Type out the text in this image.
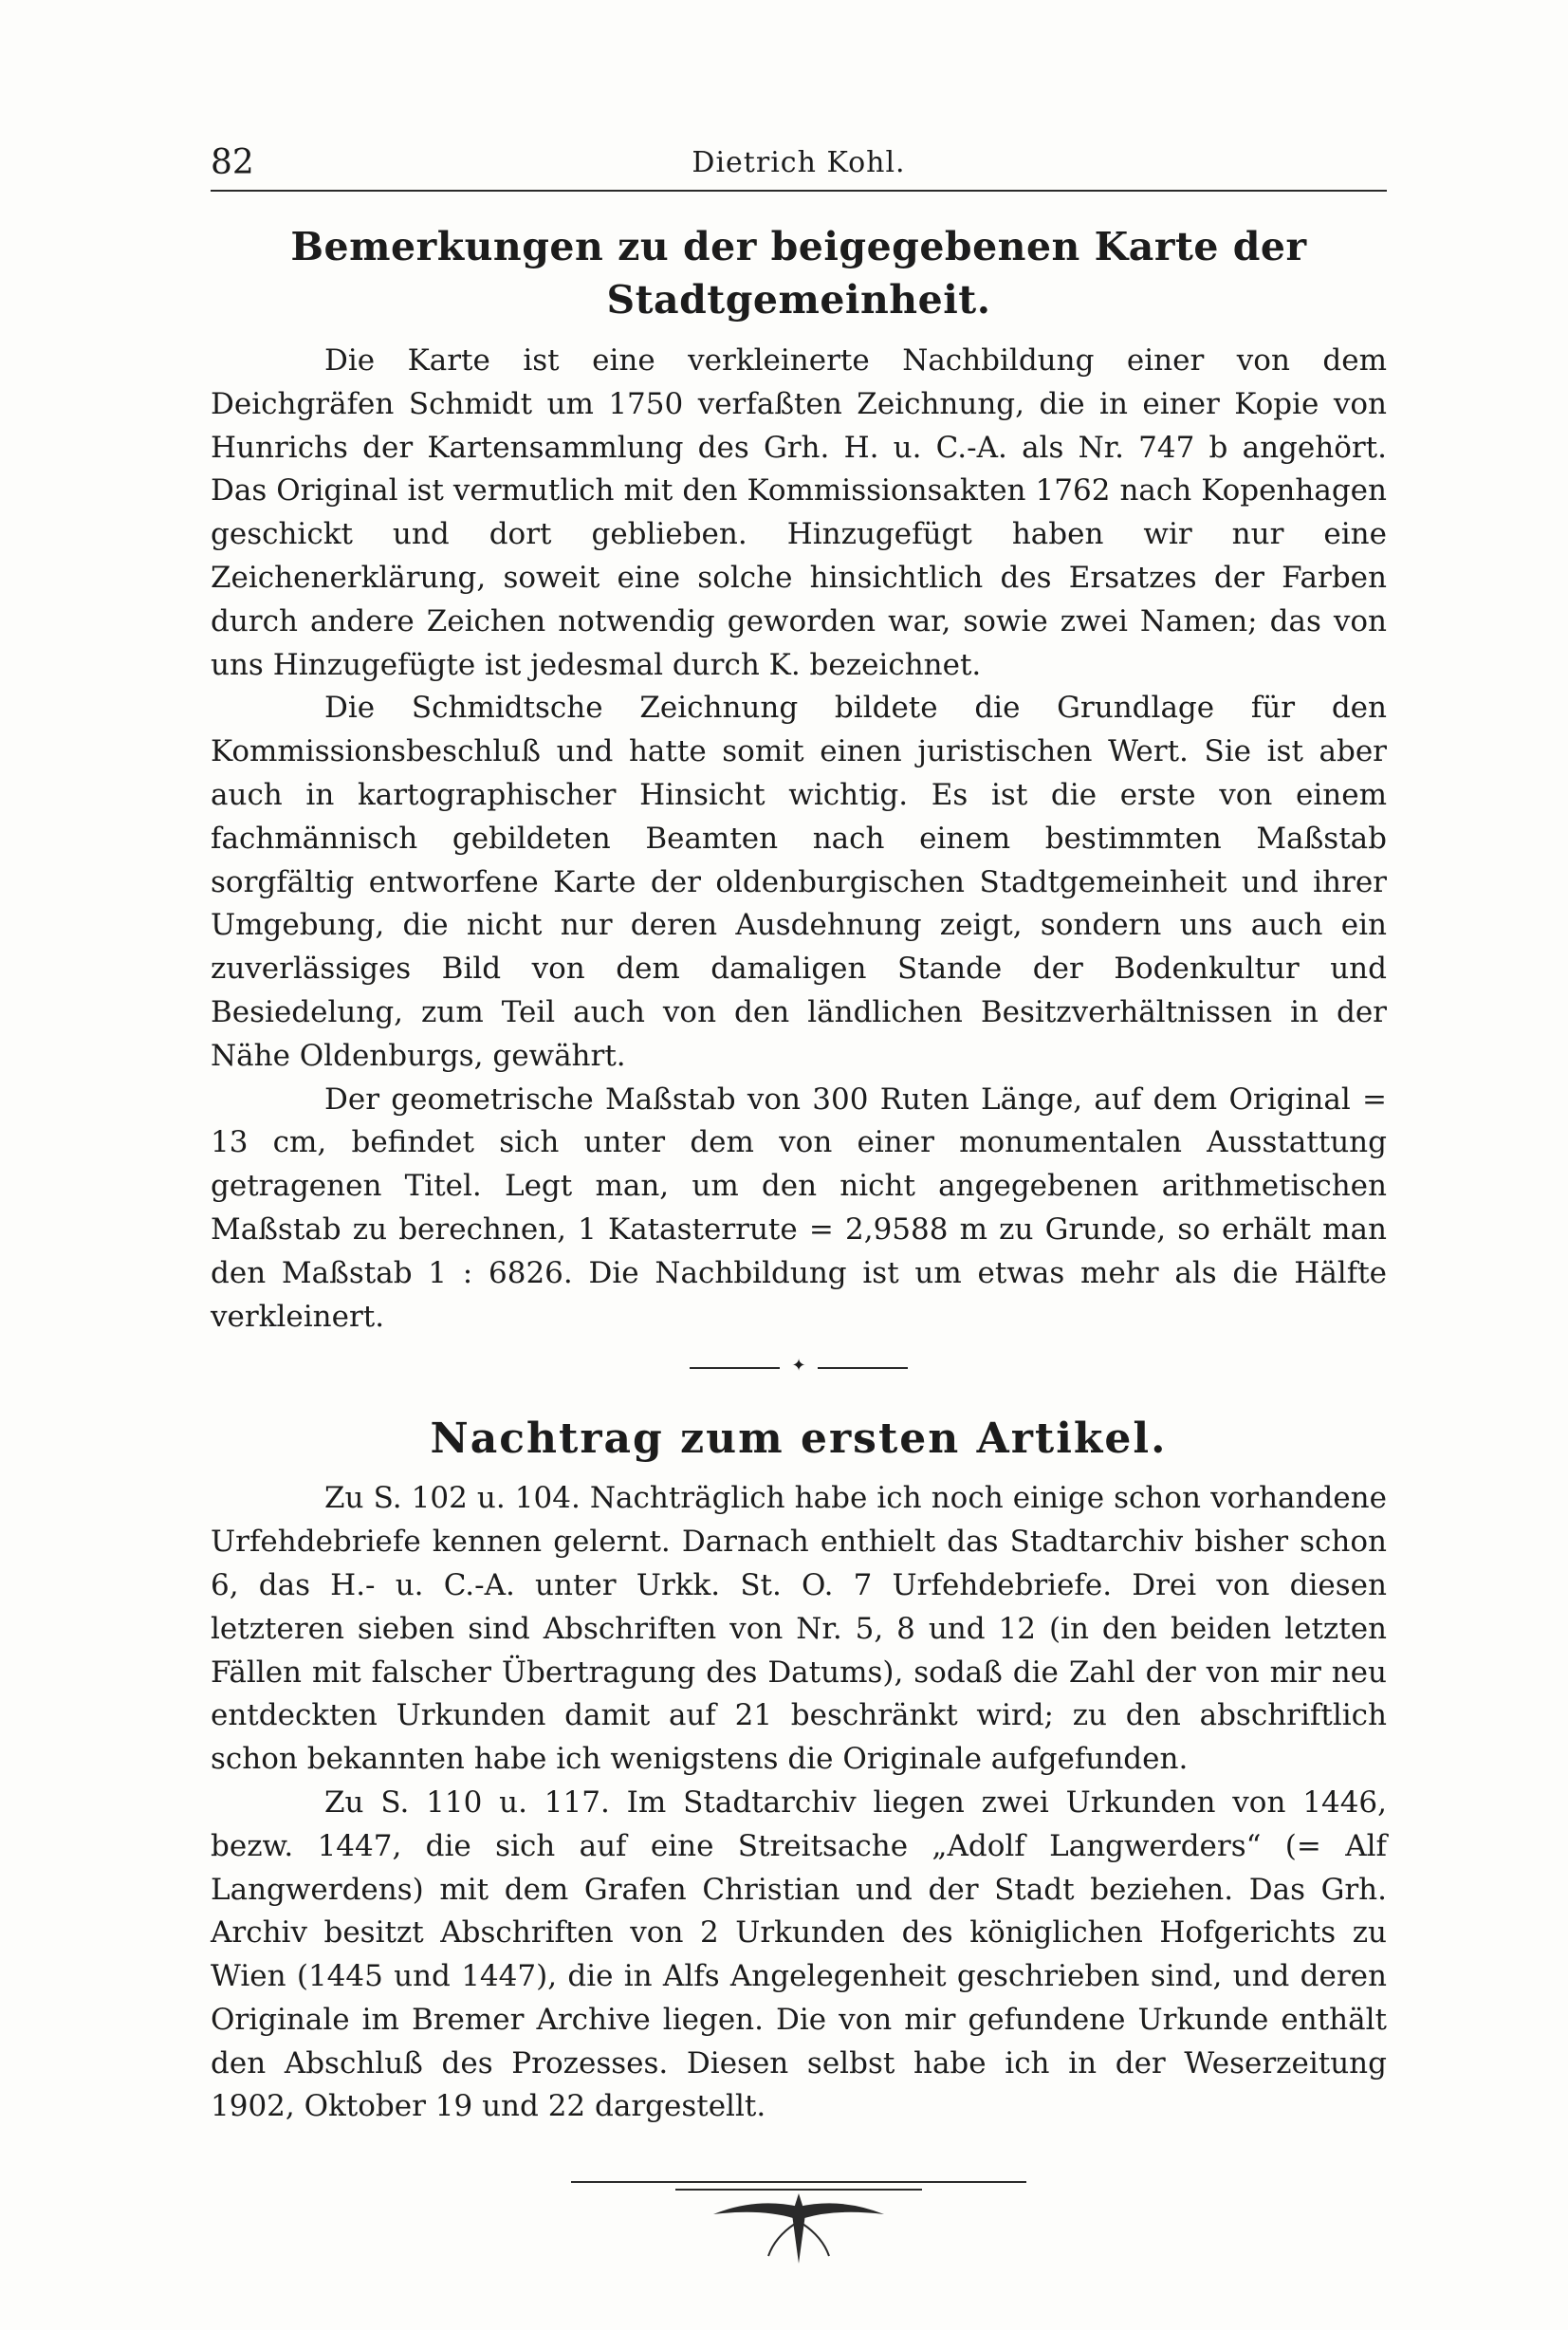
82	Dietrich Kohl.
Bemerkungen zu der beigegebenen Karte der Stadtgemeinheit.

Die Karte ist eine verkleinerte Nachbildung einer von dem Deichgräfen Schmidt um 1750 verfaßten Zeichnung, die in einer Kopie von Hunrichs der Kartensammlung des Grh. H. u. C.-A. als Nr. 747 b angehört. Das Original ist vermutlich mit den Kommissionsakten 1762 nach Kopenhagen geschickt und dort geblieben. Hinzugefügt haben wir nur eine Zeichenerklärung, soweit eine solche hinsichtlich des Ersatzes der Farben durch andere Zeichen notwendig geworden war, sowie zwei Namen; das von uns Hinzugefügte ist jedesmal durch K. bezeichnet.

Die Schmidtsche Zeichnung bildete die Grundlage für den Kommissionsbeschluß und hatte somit einen juristischen Wert. Sie ist aber auch in kartographischer Hinsicht wichtig. Es ist die erste von einem fachmännisch gebildeten Beamten nach einem bestimmten Maßstab sorgfältig entworfene Karte der oldenburgischen Stadtgemeinheit und ihrer Umgebung, die nicht nur deren Ausdehnung zeigt, sondern uns auch ein zuverlässiges Bild von dem damaligen Stande der Bodenkultur und Besiedelung, zum Teil auch von den ländlichen Besitzverhältnissen in der Nähe Oldenburgs, gewährt.

Der geometrische Maßstab von 300 Ruten Länge, auf dem Original = 13 cm, befindet sich unter dem von einer monumentalen Ausstattung getragenen Titel. Legt man, um den nicht angegebenen arithmetischen Maßstab zu berechnen, 1 Katasterrute = 2,9588 m zu Grunde, so erhält man den Maßstab 1 : 6826. Die Nachbildung ist um etwas mehr als die Hälfte verkleinert.

✦
Nachtrag zum ersten Artikel.

Zu S. 102 u. 104. Nachträglich habe ich noch einige schon vorhandene Urfehdebriefe kennen gelernt. Darnach enthielt das Stadtarchiv bisher schon 6, das H.- u. C.-A. unter Urkk. St. O. 7 Urfehdebriefe. Drei von diesen letzteren sieben sind Abschriften von Nr. 5, 8 und 12 (in den beiden letzten Fällen mit falscher Übertragung des Datums), sodaß die Zahl der von mir neu entdeckten Urkunden damit auf 21 beschränkt wird; zu den abschriftlich schon bekannten habe ich wenigstens die Originale aufgefunden.

Zu S. 110 u. 117. Im Stadtarchiv liegen zwei Urkunden von 1446, bezw. 1447, die sich auf eine Streitsache „Adolf Langwerders“ (= Alf Langwerdens) mit dem Grafen Christian und der Stadt beziehen. Das Grh. Archiv besitzt Abschriften von 2 Urkunden des königlichen Hofgerichts zu Wien (1445 und 1447), die in Alfs Angelegenheit geschrieben sind, und deren Originale im Bremer Archive liegen. Die von mir gefundene Urkunde enthält den Abschluß des Prozesses. Diesen selbst habe ich in der Weserzeitung 1902, Oktober 19 und 22 dargestellt.
